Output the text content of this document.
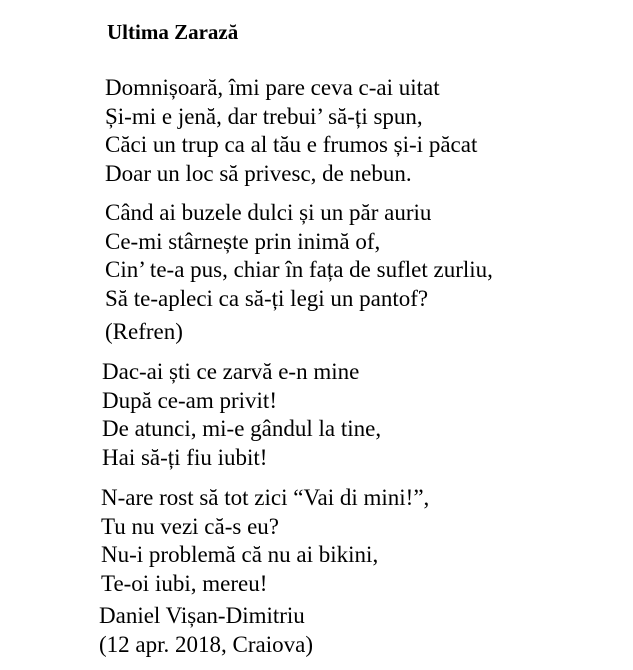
Ultima Zarază
Domnișoară, îmi pare ceva c-ai uitat
Și-mi e jenă, dar trebui’ să-ți spun,
Căci un trup ca al tău e frumos și-i păcat
Doar un loc să privesc, de nebun.
Când ai buzele dulci și un păr auriu
Ce-mi stârnește prin inimă of,
Cin’ te-a pus, chiar în fața de suflet zurliu,
Să te-apleci ca să-ți legi un pantof?
(Refren)
Dac-ai ști ce zarvă e-n mine
După ce-am privit!
De atunci, mi-e gândul la tine,
Hai să-ți fiu iubit!
N-are rost să tot zici “Vai di mini!”,
Tu nu vezi că-s eu?
Nu-i problemă că nu ai bikini,
Te-oi iubi, mereu!
Daniel Vișan-Dimitriu
(12 apr. 2018, Craiova)
